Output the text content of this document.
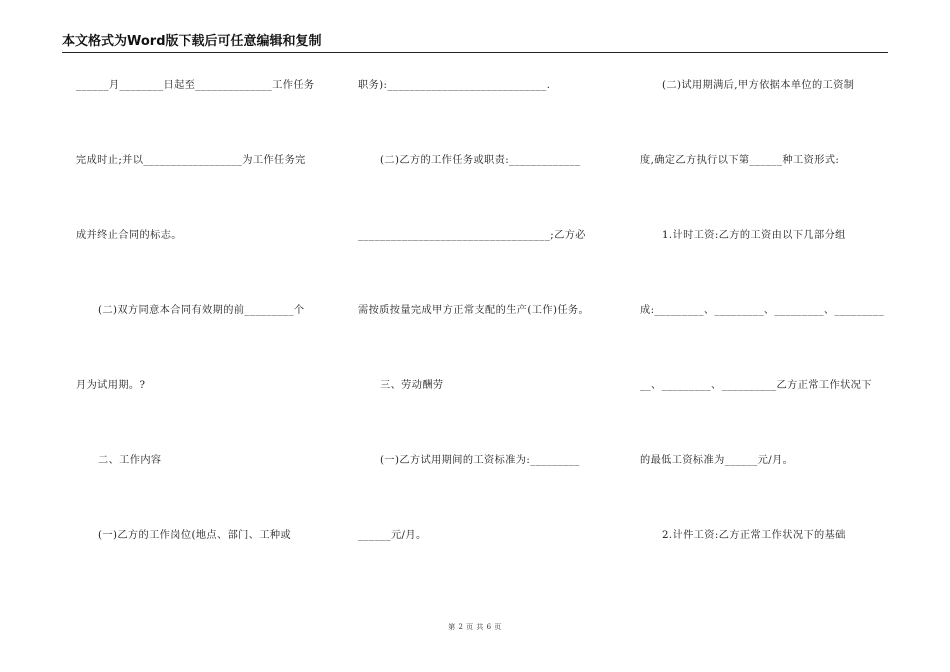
本文格式为Word版下载后可任意编辑和复制
______月________日起至______________工作任务
完成时止;并以__________________为工作任务完
成并终止合同的标志。
(二)双方同意本合同有效期的前_________个
月为试用期。?
二、工作内容
(一)乙方的工作岗位(地点、部门、工种或
职务):_____________________________.
(二)乙方的工作任务或职责:_____________
___________________________________;乙方必
需按质按量完成甲方正常支配的生产(工作)任务。
三、劳动酬劳
(一)乙方试用期间的工资标准为:_________
______元/月。
(二)试用期满后,甲方依据本单位的工资制
度,确定乙方执行以下第______种工资形式:
1.计时工资:乙方的工资由以下几部分组
成:_________、_________、_________、_________
__、_________、__________乙方正常工作状况下
的最低工资标准为______元/月。
2.计件工资:乙方正常工作状况下的基础
第 2 页 共 6 页
